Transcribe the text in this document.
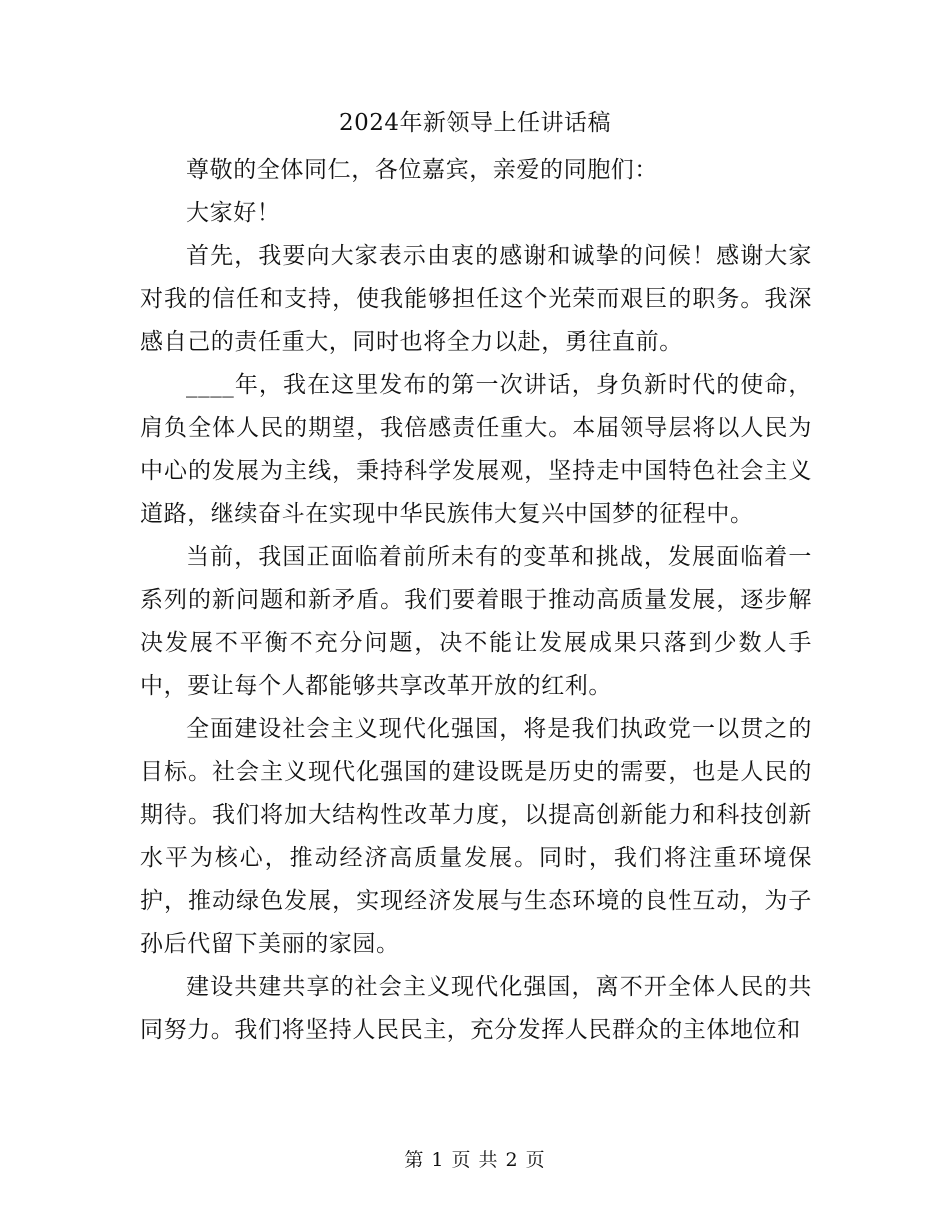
2024年新领导上任讲话稿

尊敬的全体同仁，各位嘉宾，亲爱的同胞们：

大家好！

首先，我要向大家表示由衷的感谢和诚挚的问候！感谢大家对我的信任和支持，使我能够担任这个光荣而艰巨的职务。我深感自己的责任重大，同时也将全力以赴，勇往直前。

____年，我在这里发布的第一次讲话，身负新时代的使命，肩负全体人民的期望，我倍感责任重大。本届领导层将以人民为中心的发展为主线，秉持科学发展观，坚持走中国特色社会主义道路，继续奋斗在实现中华民族伟大复兴中国梦的征程中。

当前，我国正面临着前所未有的变革和挑战，发展面临着一系列的新问题和新矛盾。我们要着眼于推动高质量发展，逐步解决发展不平衡不充分问题，决不能让发展成果只落到少数人手中，要让每个人都能够共享改革开放的红利。

全面建设社会主义现代化强国，将是我们执政党一以贯之的目标。社会主义现代化强国的建设既是历史的需要，也是人民的期待。我们将加大结构性改革力度，以提高创新能力和科技创新水平为核心，推动经济高质量发展。同时，我们将注重环境保护，推动绿色发展，实现经济发展与生态环境的良性互动，为子孙后代留下美丽的家园。

建设共建共享的社会主义现代化强国，离不开全体人民的共同努力。我们将坚持人民民主，充分发挥人民群众的主体地位和

第 1 页 共 2 页
